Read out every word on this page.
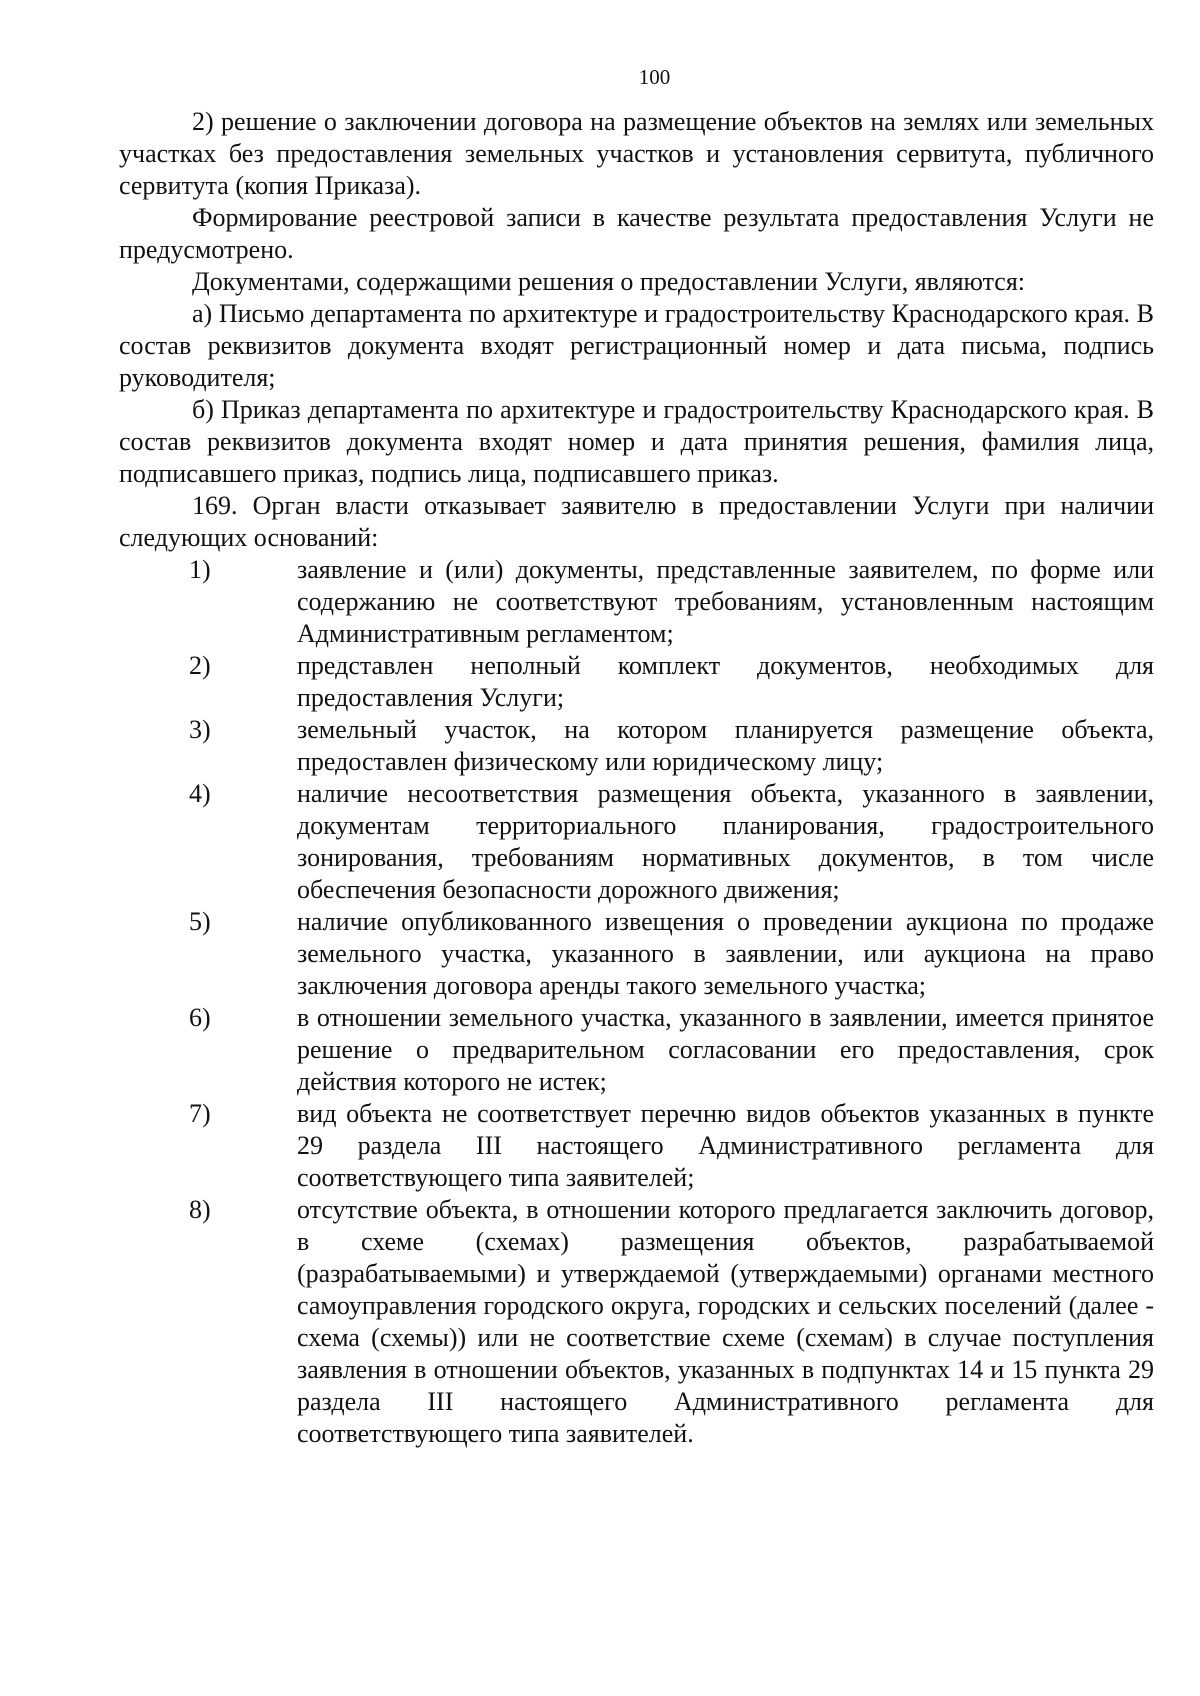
100

2) решение о заключении договора на размещение объектов на землях или земельных участках без предоставления земельных участков и установления сервитута, публичного сервитута (копия Приказа).

Формирование реестровой записи в качестве результата предоставления Услуги не предусмотрено.

Документами, содержащими решения о предоставлении Услуги, являются:

а) Письмо департамента по архитектуре и градостроительству Краснодарского края. В состав реквизитов документа входят регистрационный номер и дата письма, подпись руководителя;

б) Приказ департамента по архитектуре и градостроительству Краснодарского края. В состав реквизитов документа входят номер и дата принятия решения, фамилия лица, подписавшего приказ, подпись лица, подписавшего приказ.

169. Орган власти отказывает заявителю в предоставлении Услуги при наличии следующих оснований:

1)	заявление и (или) документы, представленные заявителем, по форме или содержанию не соответствуют требованиям, установленным настоящим Административным регламентом;

2)	представлен неполный комплект документов, необходимых для предоставления Услуги;

3)	земельный участок, на котором планируется размещение объекта, предоставлен физическому или юридическому лицу;

4)	наличие несоответствия размещения объекта, указанного в заявлении, документам территориального планирования, градостроительного зонирования, требованиям нормативных документов, в том числе обеспечения безопасности дорожного движения;

5)	наличие опубликованного извещения о проведении аукциона по продаже земельного участка, указанного в заявлении, или аукциона на право заключения договора аренды такого земельного участка;

6)	в отношении земельного участка, указанного в заявлении, имеется принятое решение о предварительном согласовании его предоставления, срок действия которого не истек;

7)	вид объекта не соответствует перечню видов объектов указанных в пункте 29 раздела III настоящего Административного регламента для соответствующего типа заявителей;

8)	отсутствие объекта, в отношении которого предлагается заключить договор, в схеме (схемах) размещения объектов, разрабатываемой (разрабатываемыми) и утверждаемой (утверждаемыми) органами местного самоуправления городского округа, городских и сельских поселений (далее - схема (схемы)) или не соответствие схеме (схемам) в случае поступления заявления в отношении объектов, указанных в подпунктах 14 и 15 пункта 29 раздела III настоящего Административного регламента для соответствующего типа заявителей.
